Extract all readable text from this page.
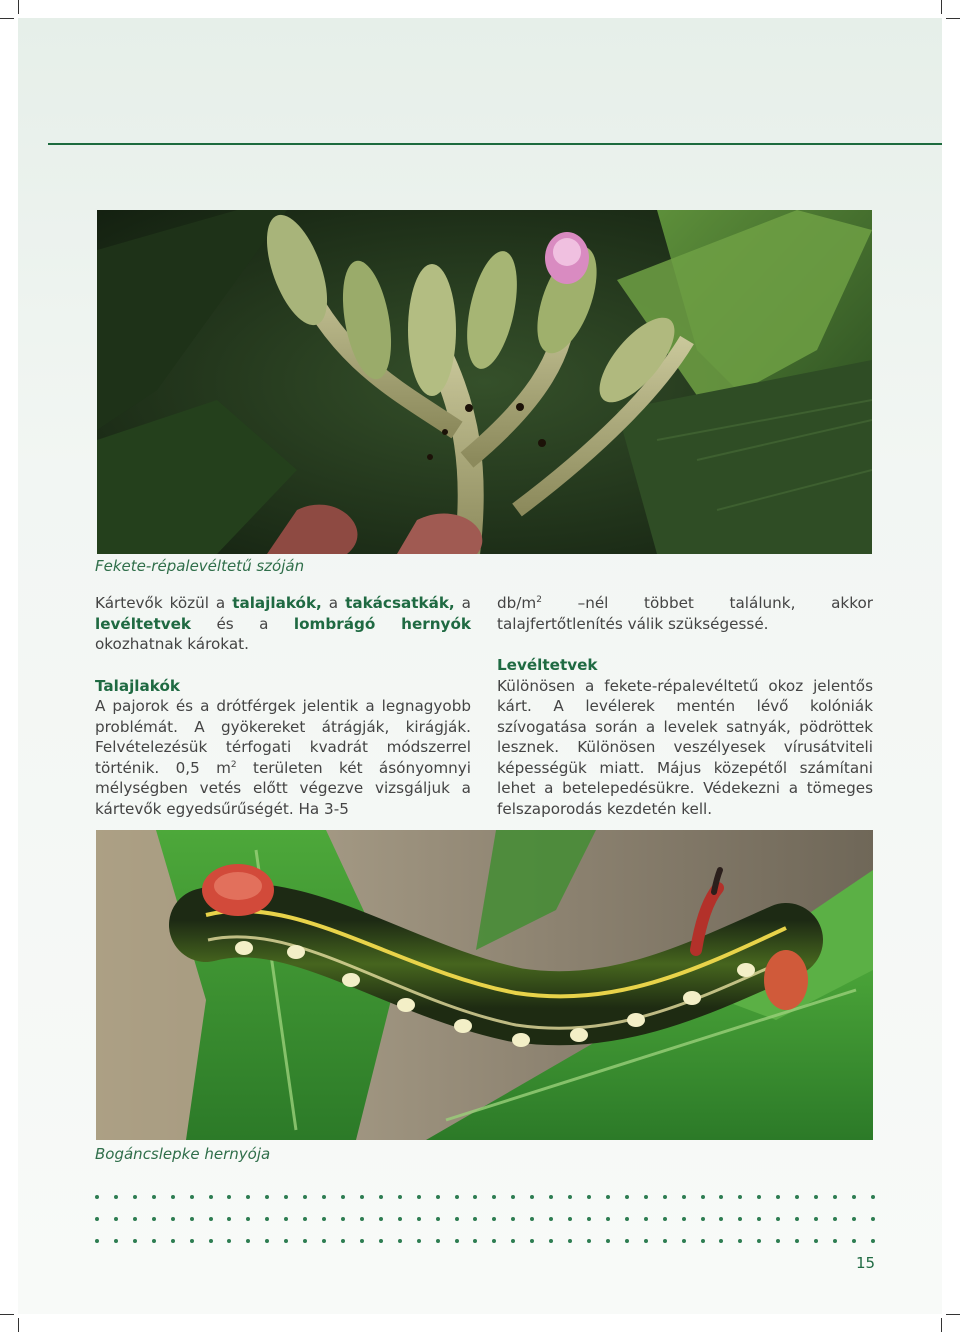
Fekete-répalevéltetű szóján

Kártevők közül a talajlakók, a takácsatkák, a levéltetvek és a lombrágó hernyók okozhatnak károkat.

Talajlakók

A pajorok és a drótférgek jelentik a legnagyobb problémát. A gyökereket átrágják, kirágják. Felvételezésük térfogati kvadrát módszerrel történik. 0,5 $m^2$ területen két ásónyomnyi mélységben vetés előtt végezve vizsgáljuk a kártevők egyedsűrűségét. Ha 3-5

$db/m^2$ –nél többet találunk, akkor talajfertőtlenítés válik szükségessé.

Levéltetvek

Különösen a fekete-répalevéltetű okoz jelentős kárt. A levélerek mentén lévő kolóniák szívogatása során a levelek satnyák, pödröttek lesznek. Különösen veszélyesek vírusátviteli képességük miatt. Május közepétől számítani lehet a betelepedésükre. Védekezni a tömeges felszaporodás kezdetén kell.

Bogáncslepke hernyója
15
